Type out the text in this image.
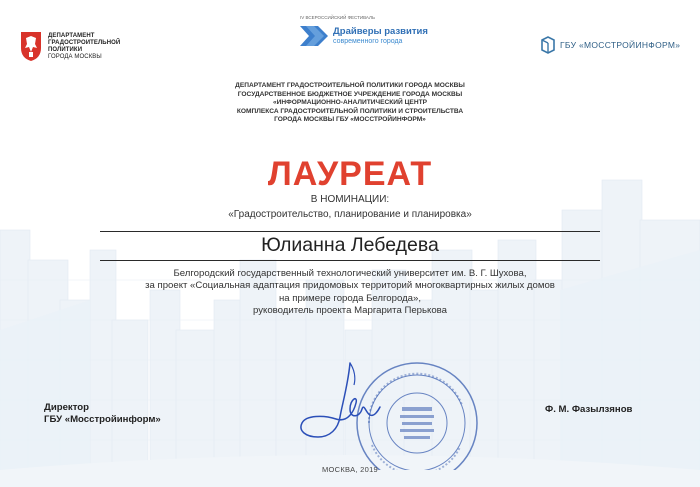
ДЕПАРТАМЕНТ
ГРАДОСТРОИТЕЛЬНОЙ ПОЛИТИКИ
ГОРОДА МОСКВЫ
IV ВСЕРОССИЙСКИЙ ФЕСТИВАЛЬ
Драйверы развития
современного города	ГБУ «МОССТРОЙИНФОРМ»
ДЕПАРТАМЕНТ ГРАДОСТРОИТЕЛЬНОЙ ПОЛИТИКИ ГОРОДА МОСКВЫ
ГОСУДАРСТВЕННОЕ БЮДЖЕТНОЕ УЧРЕЖДЕНИЕ ГОРОДА МОСКВЫ
«ИНФОРМАЦИОННО-АНАЛИТИЧЕСКИЙ ЦЕНТР
КОМПЛЕКСА ГРАДОСТРОИТЕЛЬНОЙ ПОЛИТИКИ И СТРОИТЕЛЬСТВА
ГОРОДА МОСКВЫ ГБУ «МОССТРОЙИНФОРМ»
ЛАУРЕАТ
В НОМИНАЦИИ:
«Градостроительство, планирование и планировка»
Юлианна Лебедева
Белгородский государственный технологический университет им. В. Г. Шухова,
за проект «Социальная адаптация придомовых территорий многоквартирных жилых домов
на примере города Белгорода»,
руководитель проекта Маргарита Перькова
Директор
ГБУ «Мосстройинформ»
Ф. М. Фазылзянов
МОСКВА, 2019
